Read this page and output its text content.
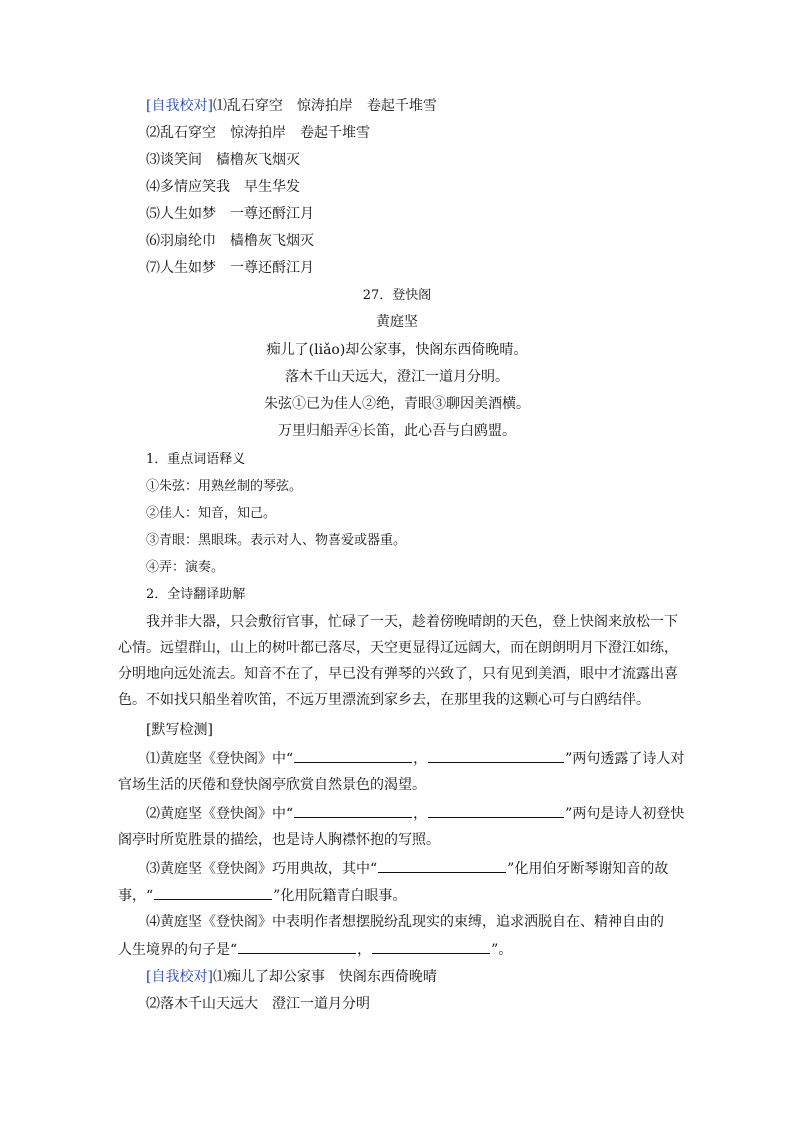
[自我校对]⑴乱石穿空　惊涛拍岸　卷起千堆雪
⑵乱石穿空　惊涛拍岸　卷起千堆雪
⑶谈笑间　樯橹灰飞烟灭
⑷多情应笑我　早生华发
⑸人生如梦　一尊还酹江月
⑹羽扇纶巾　樯橹灰飞烟灭
⑺人生如梦　一尊还酹江月
27．登快阁
黄庭坚
痴儿了(liǎo)却公家事，快阁东西倚晚晴。
落木千山天远大，澄江一道月分明。
朱弦①已为佳人②绝，青眼③聊因美酒横。
万里归船弄④长笛，此心吾与白鸥盟。
1．重点词语释义
①朱弦：用熟丝制的琴弦。
②佳人：知音，知己。
③青眼：黑眼珠。表示对人、物喜爱或器重。
④弄：演奏。
2．全诗翻译助解
我并非大器，只会敷衍官事，忙碌了一天，趁着傍晚晴朗的天色，登上快阁来放松一下心情。远望群山，山上的树叶都已落尽，天空更显得辽远阔大，而在朗朗明月下澄江如练，分明地向远处流去。知音不在了，早已没有弹琴的兴致了，只有见到美酒，眼中才流露出喜色。不如找只船坐着吹笛，不远万里漂流到家乡去，在那里我的这颗心可与白鸥结伴。
[默写检测]
⑴黄庭坚《登快阁》中“	，	”两句透露了诗人对
官场生活的厌倦和登快阁亭欣赏自然景色的渴望。
⑵黄庭坚《登快阁》中“	，	”两句是诗人初登快
阁亭时所览胜景的描绘，也是诗人胸襟怀抱的写照。
⑶黄庭坚《登快阁》巧用典故，其中“	”化用伯牙断琴谢知音的故
事，“	”化用阮籍青白眼事。
⑷黄庭坚《登快阁》中表明作者想摆脱纷乱现实的束缚，追求洒脱自在、精神自由的
人生境界的句子是“	，	”。
[自我校对]⑴痴儿了却公家事　快阁东西倚晚晴
⑵落木千山天远大　澄江一道月分明
